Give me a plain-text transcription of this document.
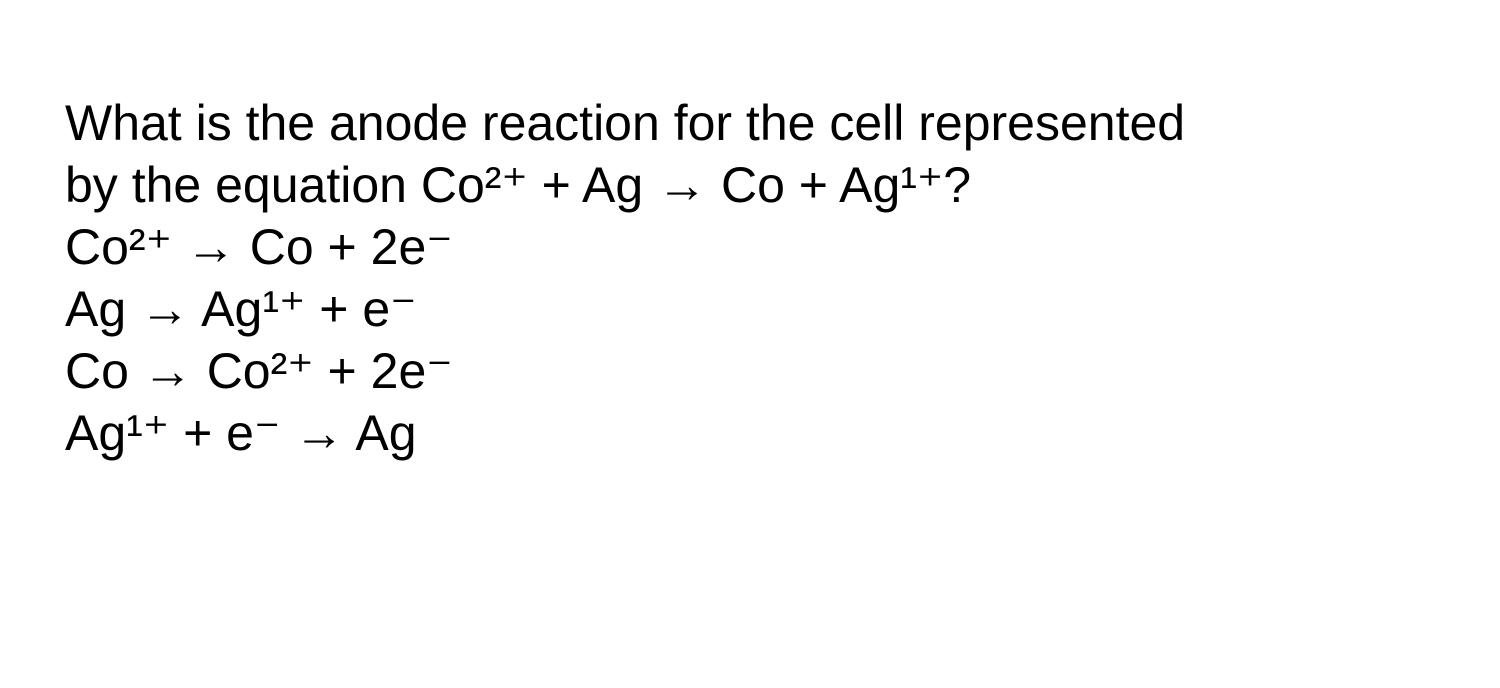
What is the anode reaction for the cell represented
by the equation Co²⁺ + Ag → Co + Ag¹⁺?

Co²⁺ → Co + 2e⁻
Ag → Ag¹⁺ + e⁻
Co → Co²⁺ + 2e⁻
Ag¹⁺ + e⁻ → Ag
